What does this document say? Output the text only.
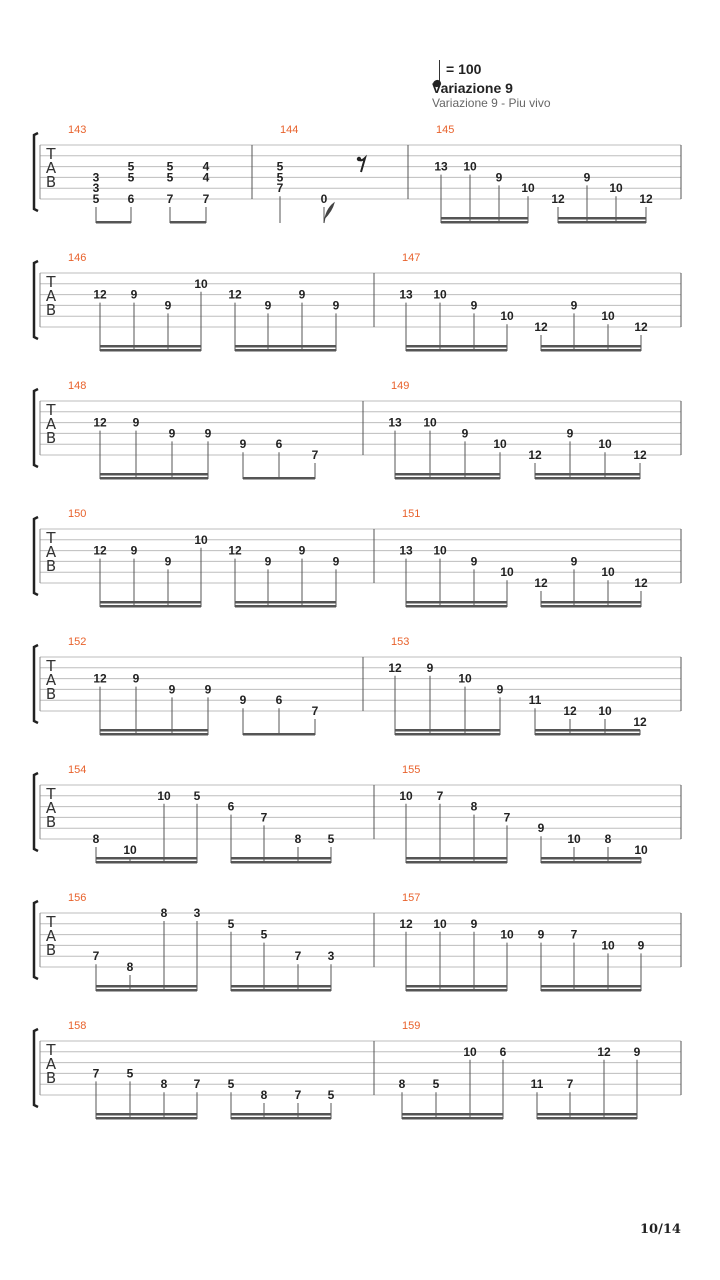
= 100
Variazione 9
Variazione 9 - Piu vivo
T
A
B
143
5
3
3
6
5
5
7
5
5
7
4
4
144
7
5
5
0
145
13 10
9
10
12
9
10
12
T
A
B
146
12 9
9
10
12
9
9
9
147
13 10
9
10
12
9
10
12
T
A
B
148
12 9
9 9
9 6
7
149
13 10
9
10
12
9
10
12
T
A
B
150
12 9
9
10
12
9
9
9
151
13 10
9
10
12
9
10
12
T
A
B
152
12 9
9 9
9 6
7
153
12 9
10
9
11
12 10
12
T
A
B
154
8
10
10 5
6
7
8 5
155
10 7
8
7
9
10 8
10
T
A
B
156
7
8
8 3
5
5
7 3
157
12 10 9
10 9 7
10 9
T
A
B
158
7 5
8 7 5
8 7 5
159
8 5
10 6
11 7
12 9
10/14
